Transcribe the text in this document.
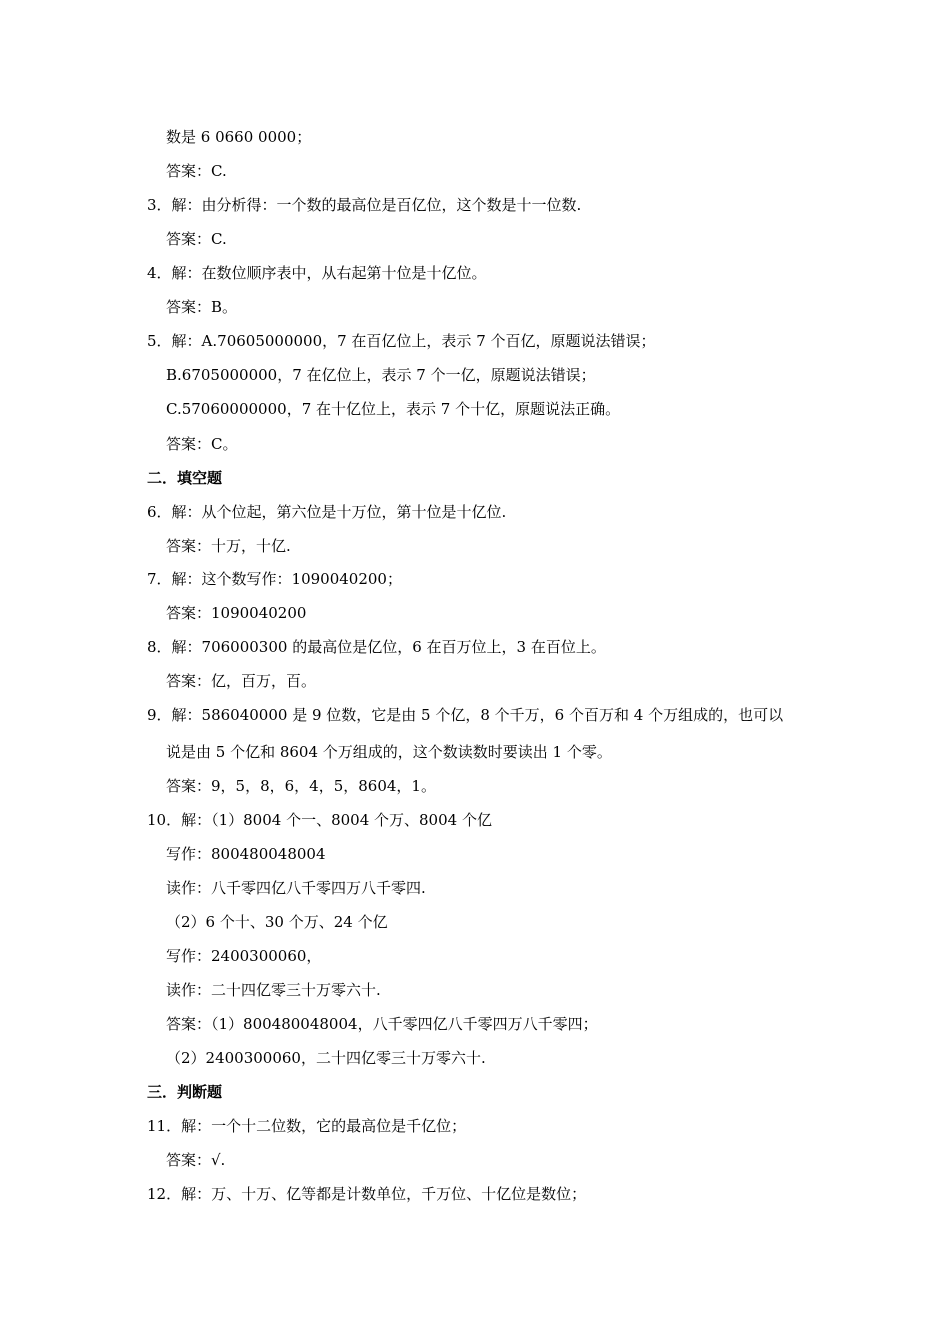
数是 6 0660 0000；
答案：C.
3．解：由分析得：一个数的最高位是百亿位，这个数是十一位数.
答案：C.
4．解：在数位顺序表中，从右起第十位是十亿位。
答案：B。
5．解：A.70605000000，7 在百亿位上，表示 7 个百亿，原题说法错误；
B.6705000000，7 在亿位上，表示 7 个一亿，原题说法错误；
C.57060000000，7 在十亿位上，表示 7 个十亿，原题说法正确。
答案：C。
二．填空题
6．解：从个位起，第六位是十万位，第十位是十亿位.
答案：十万，十亿.
7．解：这个数写作：1090040200；
答案：1090040200
8．解：706000300 的最高位是亿位，6 在百万位上，3 在百位上。
答案：亿，百万，百。
9．解：586040000 是 9 位数，它是由 5 个亿，8 个千万，6 个百万和 4 个万组成的，也可以
说是由 5 个亿和 8604 个万组成的，这个数读数时要读出 1 个零。
答案：9，5，8，6，4，5，8604，1。
10．解：（1）8004 个一、8004 个万、8004 个亿
写作：800480048004
读作：八千零四亿八千零四万八千零四.
（2）6 个十、30 个万、24 个亿
写作：2400300060，
读作：二十四亿零三十万零六十.
答案：（1）800480048004，八千零四亿八千零四万八千零四；
（2）2400300060，二十四亿零三十万零六十.
三．判断题
11．解：一个十二位数，它的最高位是千亿位；
答案：√.
12．解：万、十万、亿等都是计数单位，千万位、十亿位是数位；
